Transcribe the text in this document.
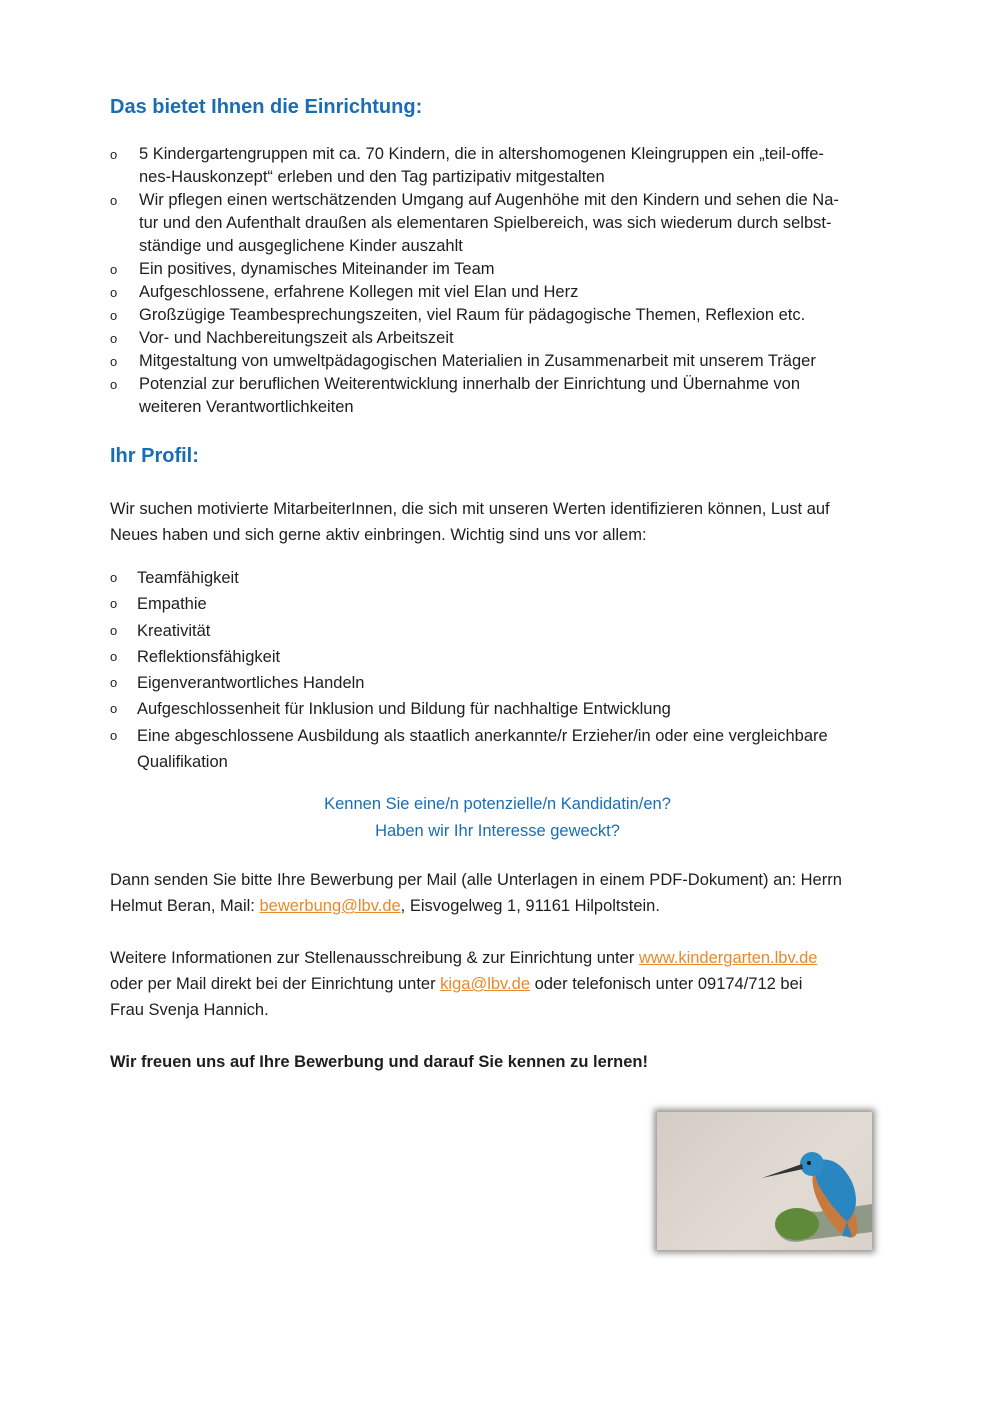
Das bietet Ihnen die Einrichtung:
o 5 Kindergartengruppen mit ca. 70 Kindern, die in altershomogenen Kleingruppen ein „teil-offe-
nes-Hauskonzept“ erleben und den Tag partizipativ mitgestalten
o Wir pflegen einen wertschätzenden Umgang auf Augenhöhe mit den Kindern und sehen die Na-
tur und den Aufenthalt draußen als elementaren Spielbereich, was sich wiederum durch selbst-
ständige und ausgeglichene Kinder auszahlt
o Ein positives, dynamisches Miteinander im Team
o Aufgeschlossene, erfahrene Kollegen mit viel Elan und Herz
o Großzügige Teambesprechungszeiten, viel Raum für pädagogische Themen, Reflexion etc.
o Vor- und Nachbereitungszeit als Arbeitszeit
o Mitgestaltung von umweltpädagogischen Materialien in Zusammenarbeit mit unserem Träger
o Potenzial zur beruflichen Weiterentwicklung innerhalb der Einrichtung und Übernahme von
weiteren Verantwortlichkeiten
Ihr Profil:
Wir suchen motivierte MitarbeiterInnen, die sich mit unseren Werten identifizieren können, Lust auf
Neues haben und sich gerne aktiv einbringen. Wichtig sind uns vor allem:
o Teamfähigkeit
o Empathie
o Kreativität
o Reflektionsfähigkeit
o Eigenverantwortliches Handeln
o Aufgeschlossenheit für Inklusion und Bildung für nachhaltige Entwicklung
o Eine abgeschlossene Ausbildung als staatlich anerkannte/r Erzieher/in oder eine vergleichbare
Qualifikation
Kennen Sie eine/n potenzielle/n Kandidatin/en?
Haben wir Ihr Interesse geweckt?
Dann senden Sie bitte Ihre Bewerbung per Mail (alle Unterlagen in einem PDF-Dokument) an: Herrn
Helmut Beran, Mail: bewerbung@lbv.de, Eisvogelweg 1, 91161 Hilpoltstein.
Weitere Informationen zur Stellenausschreibung & zur Einrichtung unter www.kindergarten.lbv.de
oder per Mail direkt bei der Einrichtung unter kiga@lbv.de oder telefonisch unter 09174/712 bei
Frau Svenja Hannich.
Wir freuen uns auf Ihre Bewerbung und darauf Sie kennen zu lernen!
